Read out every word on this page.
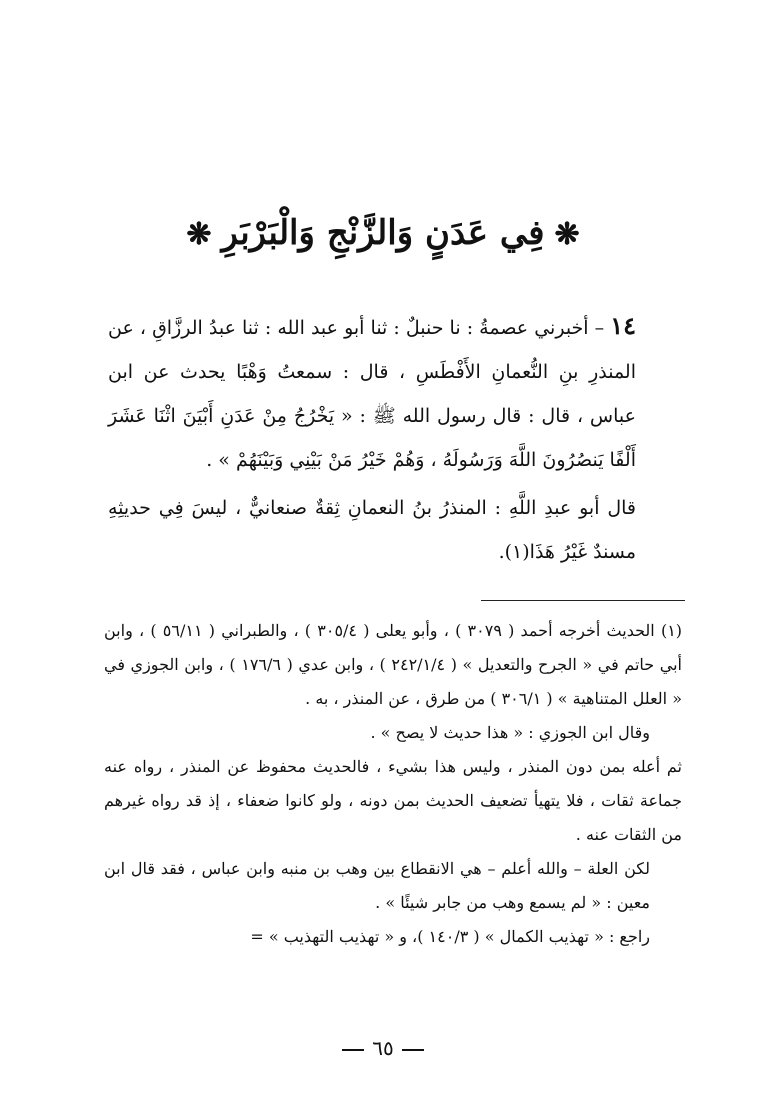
❋فِي عَدَنٍ وَالزَّنْجِ وَالْبَرْبَرِ❋

١٤ – أخبرني عصمةُ : نا حنبلٌ : ثنا أبو عبد الله : ثنا عبدُ الرزَّاقِ ، عن المنذرِ بنِ النُّعمانِ الأَفْطَسِ ، قال : سمعتُ وَهْبًا يحدث عن ابن عباس ، قال : قال رسول الله ﷺ : « يَخْرُجُ مِنْ عَدَنِ أَبْيَنَ اثْنَا عَشَرَ أَلْفًا يَنصُرُونَ اللَّهَ وَرَسُولَهُ ، وَهُمْ خَيْرُ مَنْ بَيْنِي وَبَيْنَهُمْ » .

قال أبو عبدِ اللَّهِ : المنذرُ بنُ النعمانِ ثِقةٌ صنعانيٌّ ، ليسَ فِي حديثِهِ مسندٌ غَيْرُ هَذَا(١).

(١) الحديث أخرجه أحمد ( ٣٠٧٩ ) ، وأبو يعلى ( ٣٠٥/٤ ) ، والطبراني ( ٥٦/١١ ) ، وابن أبي حاتم في « الجرح والتعديل » ( ٢٤٢/١/٤ ) ، وابن عدي ( ١٧٦/٦ ) ، وابن الجوزي في « العلل المتناهية » ( ٣٠٦/١ ) من طرق ، عن المنذر ، به .

وقال ابن الجوزي : « هذا حديث لا يصح » .

ثم أعله بمن دون المنذر ، وليس هذا بشيء ، فالحديث محفوظ عن المنذر ، رواه عنه جماعة ثقات ، فلا يتهيأ تضعيف الحديث بمن دونه ، ولو كانوا ضعفاء ، إذ قد رواه غيرهم من الثقات عنه .

لكن العلة – والله أعلم – هي الانقطاع بين وهب بن منبه وابن عباس ، فقد قال ابن معين : « لم يسمع وهب من جابر شيئًا » .

راجع : « تهذيب الكمال » ( ١٤٠/٣ )، و « تهذيب التهذيب » =

٦٥
